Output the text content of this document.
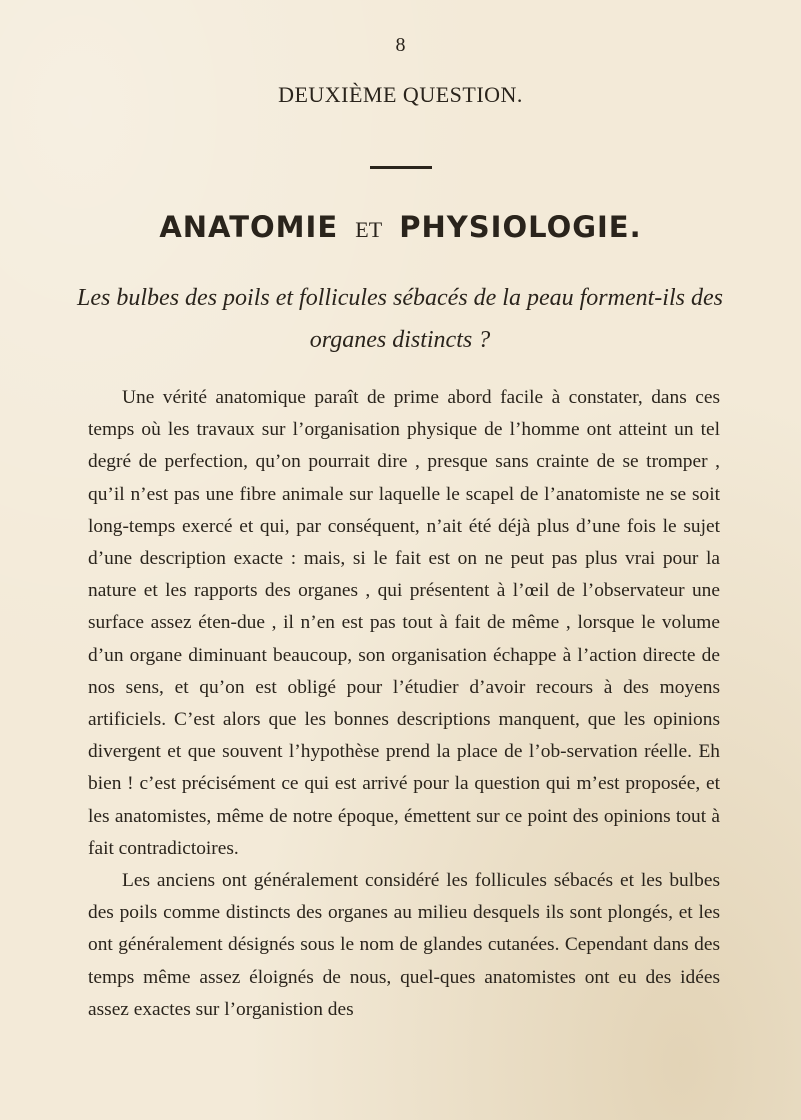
8
DEUXIÈME QUESTION.
ANATOMIE ET PHYSIOLOGIE.
Les bulbes des poils et follicules sébacés de la peau forment-ils des organes distincts ?

Une vérité anatomique paraît de prime abord facile à constater, dans ces temps où les travaux sur l’organisation physique de l’homme ont atteint un tel degré de perfection, qu’on pourrait dire , presque sans crainte de se tromper , qu’il n’est pas une fibre animale sur laquelle le scapel de l’anatomiste ne se soit long-temps exercé et qui, par conséquent, n’ait été déjà plus d’une fois le sujet d’une description exacte : mais, si le fait est on ne peut pas plus vrai pour la nature et les rapports des organes , qui présentent à l’œil de l’observateur une surface assez éten-due , il n’en est pas tout à fait de même , lorsque le volume d’un organe diminuant beaucoup, son organisation échappe à l’action directe de nos sens, et qu’on est obligé pour l’étudier d’avoir recours à des moyens artificiels. C’est alors que les bonnes descriptions manquent, que les opinions divergent et que souvent l’hypothèse prend la place de l’ob-servation réelle. Eh bien ! c’est précisément ce qui est arrivé pour la question qui m’est proposée, et les anatomistes, même de notre époque, émettent sur ce point des opinions tout à fait contradictoires.

Les anciens ont généralement considéré les follicules sébacés et les bulbes des poils comme distincts des organes au milieu desquels ils sont plongés, et les ont généralement désignés sous le nom de glandes cutanées. Cependant dans des temps même assez éloignés de nous, quel-ques anatomistes ont eu des idées assez exactes sur l’organistion des
